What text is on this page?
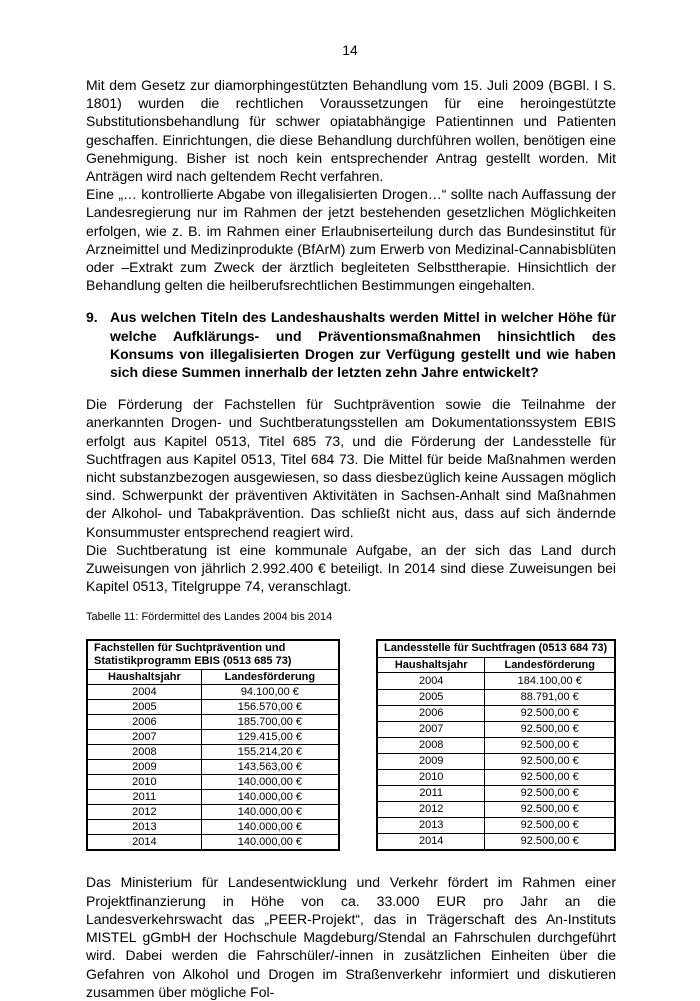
14

Mit dem Gesetz zur diamorphingestützten Behandlung vom 15. Juli 2009 (BGBl. I S. 1801) wurden die rechtlichen Voraussetzungen für eine heroingestützte Substitutionsbehandlung für schwer opiatabhängige Patientinnen und Patienten geschaffen. Einrichtungen, die diese Behandlung durchführen wollen, benötigen eine Genehmigung. Bisher ist noch kein entsprechender Antrag gestellt worden. Mit Anträgen wird nach geltendem Recht verfahren.

Eine „… kontrollierte Abgabe von illegalisierten Drogen…“ sollte nach Auffassung der Landesregierung nur im Rahmen der jetzt bestehenden gesetzlichen Möglichkeiten erfolgen, wie z. B. im Rahmen einer Erlaubniserteilung durch das Bundesinstitut für Arzneimittel und Medizinprodukte (BfArM) zum Erwerb von Medizinal-Cannabisblüten oder –Extrakt zum Zweck der ärztlich begleiteten Selbsttherapie. Hinsichtlich der Behandlung gelten die heilberufsrechtlichen Bestimmungen eingehalten.

9. Aus welchen Titeln des Landeshaushalts werden Mittel in welcher Höhe für welche Aufklärungs- und Präventionsmaßnahmen hinsichtlich des Konsums von illegalisierten Drogen zur Verfügung gestellt und wie haben sich diese Summen innerhalb der letzten zehn Jahre entwickelt?

Die Förderung der Fachstellen für Suchtprävention sowie die Teilnahme der anerkannten Drogen- und Suchtberatungsstellen am Dokumentationssystem EBIS erfolgt aus Kapitel 0513, Titel 685 73, und die Förderung der Landesstelle für Suchtfragen aus Kapitel 0513, Titel 684 73. Die Mittel für beide Maßnahmen werden nicht substanzbezogen ausgewiesen, so dass diesbezüglich keine Aussagen möglich sind. Schwerpunkt der präventiven Aktivitäten in Sachsen-Anhalt sind Maßnahmen der Alkohol- und Tabakprävention. Das schließt nicht aus, dass auf sich ändernde Konsummuster entsprechend reagiert wird.

Die Suchtberatung ist eine kommunale Aufgabe, an der sich das Land durch Zuweisungen von jährlich 2.992.400 € beteiligt. In 2014 sind diese Zuweisungen bei Kapitel 0513, Titelgruppe 74, veranschlagt.

Tabelle 11: Fördermittel des Landes 2004 bis 2014
Fachstellen für Suchtprävention und Statistikprogramm EBIS (0513 685 73)	
Haushaltsjahr	Landesförderung
2004	94.100,00 €
2005	156.570,00 €
2006	185.700,00 €
2007	129.415,00 €
2008	155.214,20 €
2009	143.563,00 €
2010	140.000,00 €
2011	140.000,00 €
2012	140.000,00 €
2013	140.000,00 €
2014	140.000,00 €
Landesstelle für Suchtfragen (0513 684 73)	
Haushaltsjahr	Landesförderung
2004	184.100,00 €
2005	88.791,00 €
2006	92.500,00 €
2007	92.500,00 €
2008	92.500,00 €
2009	92.500,00 €
2010	92.500,00 €
2011	92.500,00 €
2012	92.500,00 €
2013	92.500,00 €
2014	92.500,00 €

Das Ministerium für Landesentwicklung und Verkehr fördert im Rahmen einer Projektfinanzierung in Höhe von ca. 33.000 EUR pro Jahr an die Landesverkehrswacht das „PEER-Projekt“, das in Trägerschaft des An-Instituts MISTEL gGmbH der Hochschule Magdeburg/Stendal an Fahrschulen durchgeführt wird. Dabei werden die Fahrschüler/-innen in zusätzlichen Einheiten über die Gefahren von Alkohol und Drogen im Straßenverkehr informiert und diskutieren zusammen über mögliche Fol-
